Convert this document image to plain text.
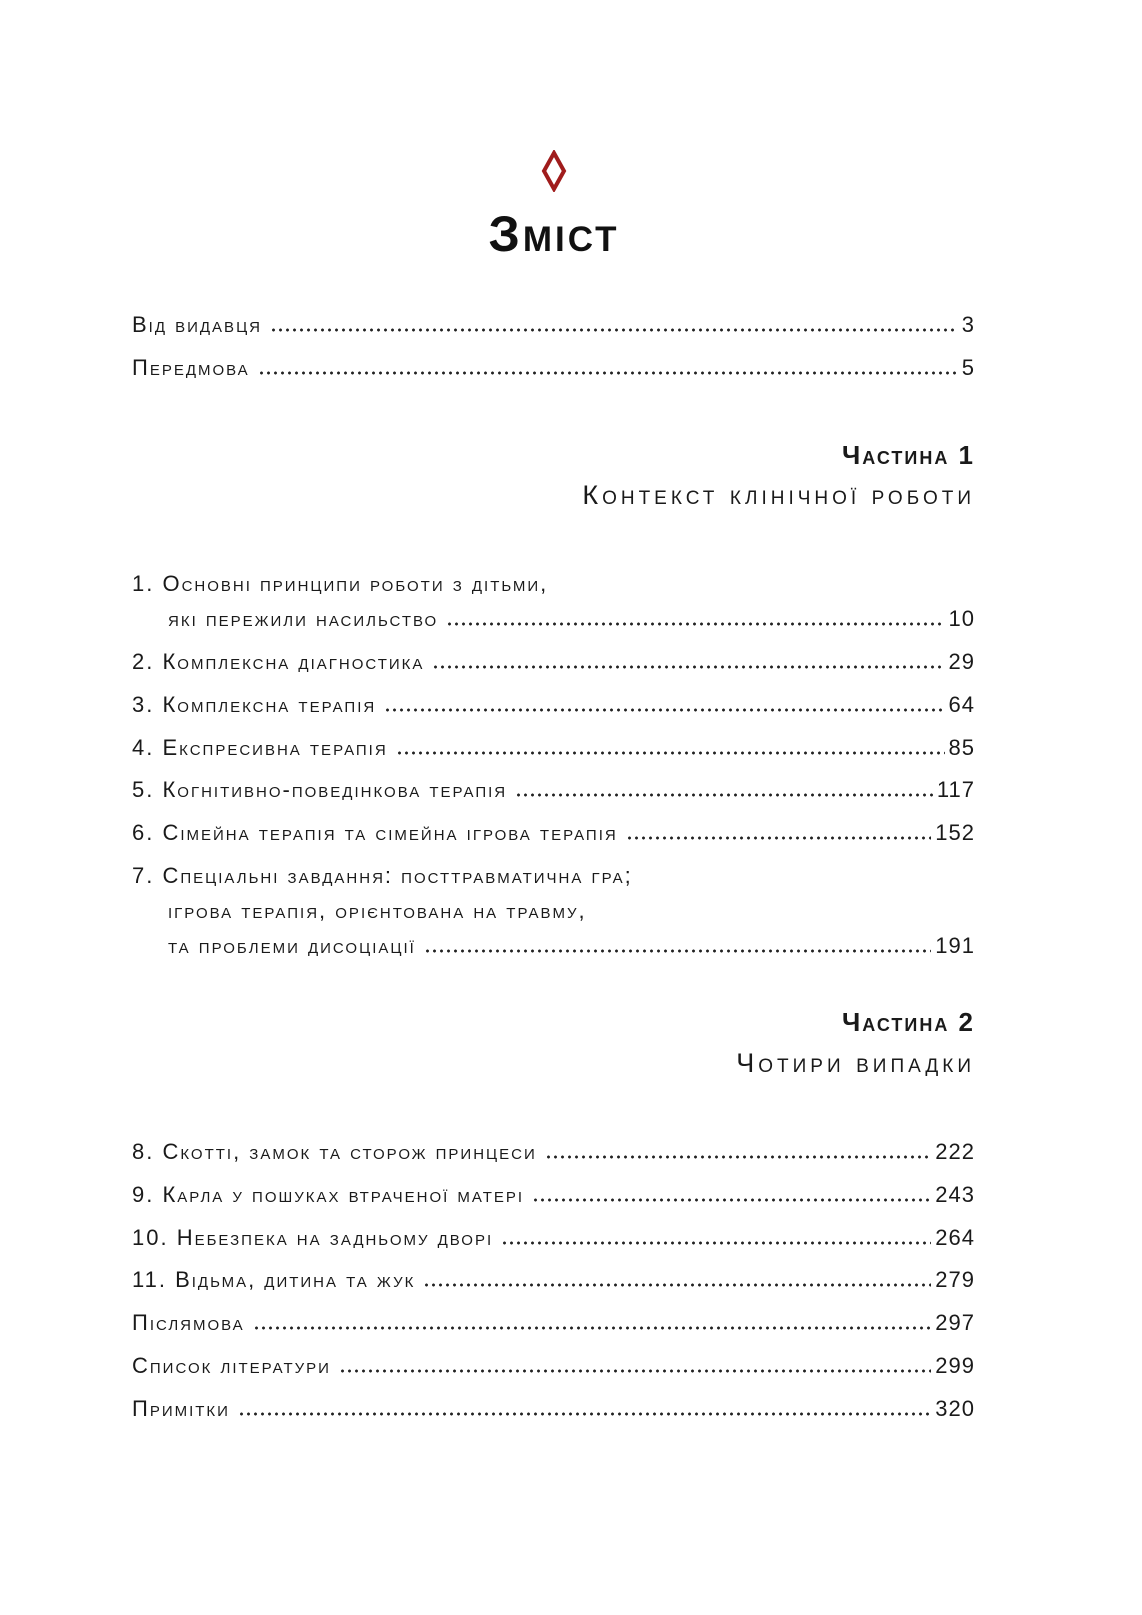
Зміст
Від видавця	3
Передмова	5
Частина 1
Контекст клінічної роботи
1. Основні принципи роботи з дітьми,
які пережили насильство	10
2. Комплексна діагностика	29
3. Комплексна терапія	64
4. Експресивна терапія	85
5. Когнітивно-поведінкова терапія	117
6. Сімейна терапія та сімейна ігрова терапія	152
7. Спеціальні завдання: посттравматична гра;
ігрова терапія, орієнтована на травму,
та проблеми дисоціації	191
Частина 2
Чотири випадки
8. Скотті, замок та сторож принцеси	222
9. Карла у пошуках втраченої матері	243
10. Небезпека на задньому дворі	264
11. Відьма, дитина та жук	279
Післямова	297
Список літератури	299
Примітки	320
